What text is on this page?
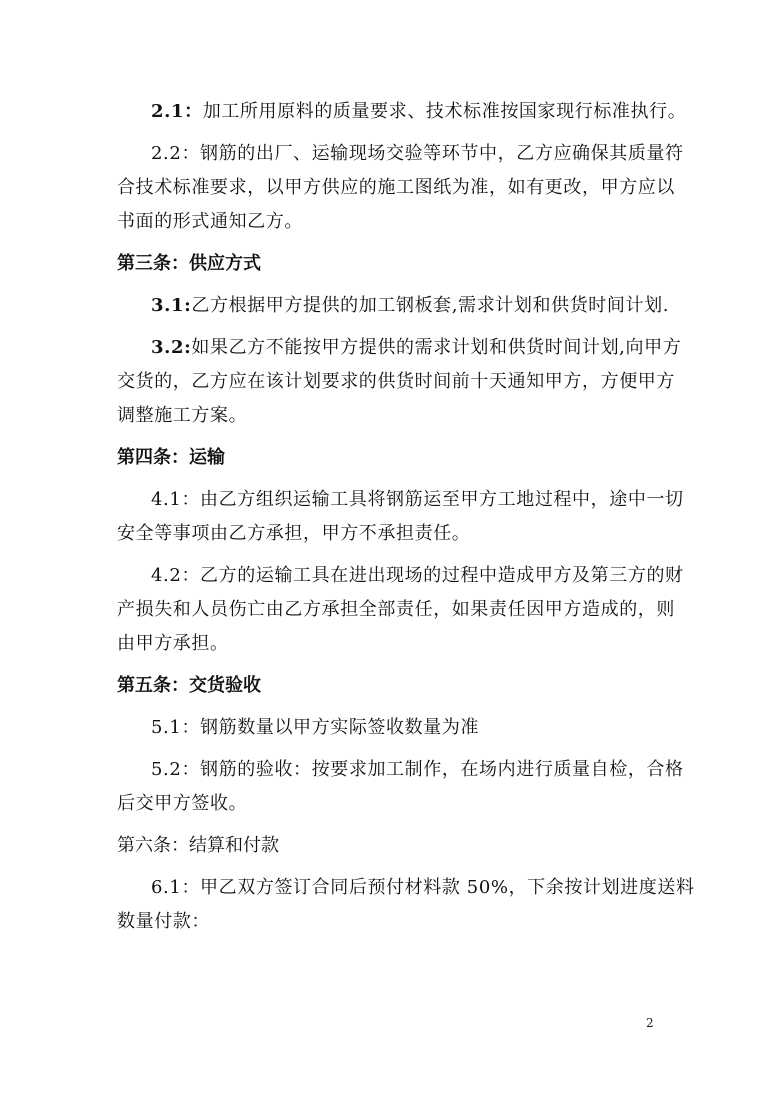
2.1：加工所用原料的质量要求、技术标准按国家现行标准执行。
2.2：钢筋的出厂、运输现场交验等环节中，乙方应确保其质量符
合技术标准要求，以甲方供应的施工图纸为准，如有更改，甲方应以
书面的形式通知乙方。
第三条：供应方式
3.1:乙方根据甲方提供的加工钢板套,需求计划和供货时间计划.
3.2:如果乙方不能按甲方提供的需求计划和供货时间计划,向甲方
交货的，乙方应在该计划要求的供货时间前十天通知甲方，方便甲方
调整施工方案。
第四条：运输
4.1：由乙方组织运输工具将钢筋运至甲方工地过程中，途中一切
安全等事项由乙方承担，甲方不承担责任。
4.2：乙方的运输工具在进出现场的过程中造成甲方及第三方的财
产损失和人员伤亡由乙方承担全部责任，如果责任因甲方造成的，则
由甲方承担。
第五条：交货验收
5.1：钢筋数量以甲方实际签收数量为准
5.2：钢筋的验收：按要求加工制作，在场内进行质量自检，合格
后交甲方签收。
第六条：结算和付款
6.1：甲乙双方签订合同后预付材料款 50%，下余按计划进度送料
数量付款：
2
